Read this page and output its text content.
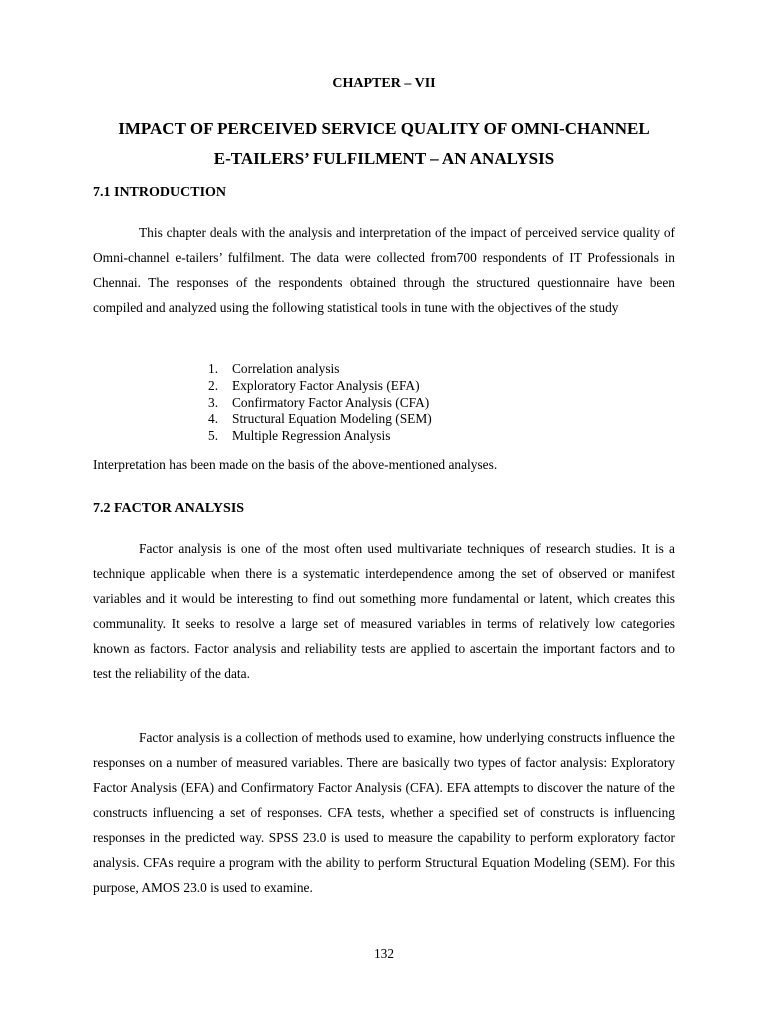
CHAPTER – VII

IMPACT OF PERCEIVED SERVICE QUALITY OF OMNI-CHANNEL
E-TAILERS’ FULFILMENT – AN ANALYSIS
7.1 INTRODUCTION

This chapter deals with the analysis and interpretation of the impact of perceived service quality of Omni-channel e-tailers’ fulfilment. The data were collected from700 respondents of IT Professionals in Chennai. The responses of the respondents obtained through the structured questionnaire have been compiled and analyzed using the following statistical tools in tune with the objectives of the study

1. Correlation analysis
2. Exploratory Factor Analysis (EFA)
3. Confirmatory Factor Analysis (CFA)
4. Structural Equation Modeling (SEM)
5. Multiple Regression Analysis

Interpretation has been made on the basis of the above-mentioned analyses.

7.2 FACTOR ANALYSIS

Factor analysis is one of the most often used multivariate techniques of research studies. It is a technique applicable when there is a systematic interdependence among the set of observed or manifest variables and it would be interesting to find out something more fundamental or latent, which creates this communality. It seeks to resolve a large set of measured variables in terms of relatively low categories known as factors. Factor analysis and reliability tests are applied to ascertain the important factors and to test the reliability of the data.

Factor analysis is a collection of methods used to examine, how underlying constructs influence the responses on a number of measured variables. There are basically two types of factor analysis: Exploratory Factor Analysis (EFA) and Confirmatory Factor Analysis (CFA). EFA attempts to discover the nature of the constructs influencing a set of responses. CFA tests, whether a specified set of constructs is influencing responses in the predicted way. SPSS 23.0 is used to measure the capability to perform exploratory factor analysis. CFAs require a program with the ability to perform Structural Equation Modeling (SEM). For this purpose, AMOS 23.0 is used to examine.

132
